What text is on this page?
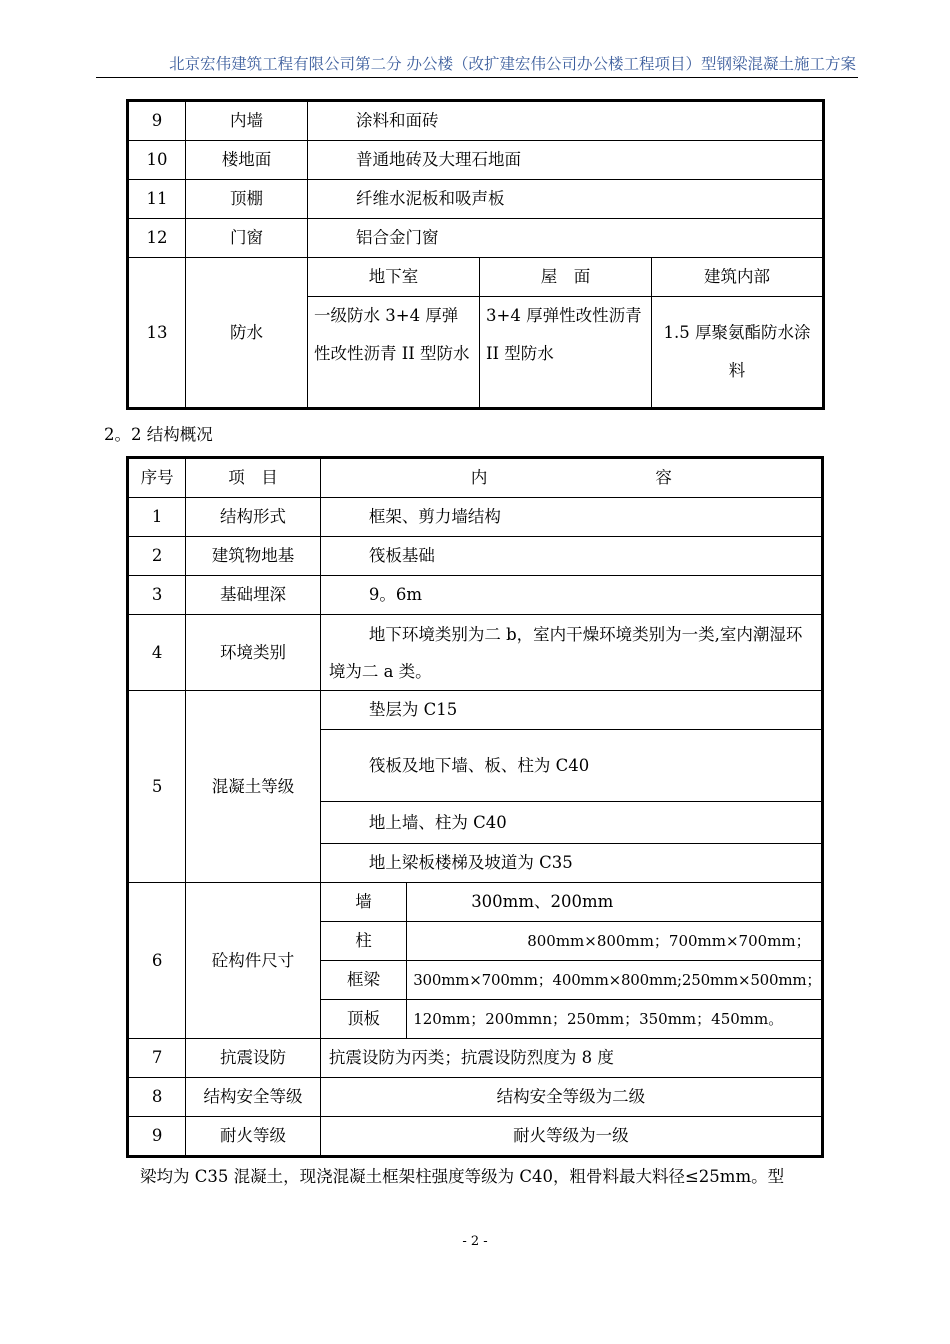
北京宏伟建筑工程有限公司第二分 办公楼（改扩建宏伟公司办公楼工程项目）型钢梁混凝土施工方案
9	内墙	涂料和面砖		
10	楼地面	普通地砖及大理石地面		
11	顶棚	纤维水泥板和吸声板		
12	门窗	铝合金门窗		
13	防水	地下室	屋　面	建筑内部
		一级防水 3+4 厚弹性改性沥青 II 型防水	3+4 厚弹性改性沥青 II 型防水	1.5 厚聚氨酯防水涂料
2。2 结构概况
序号	项　目	内 容	
1	结构形式	框架、剪力墙结构	
2	建筑物地基	筏板基础	
3	基础埋深	9。6m	
4	环境类别	地下环境类别为二 b，室内干燥环境类别为一类,室内潮湿环境为二 a 类。	
5	混凝土等级	垫层为 C15	
		筏板及地下墙、板、柱为 C40	
		地上墙、柱为 C40	
		地上梁板楼梯及坡道为 C35	
6	砼构件尺寸	墙	300mm、200mm
		柱	800mm×800mm；700mm×700mm；
		框梁	300mm×700mm；400mm×800mm;250mm×500mm；
		顶板	120mm；200mmn；250mm；350mm；450mm。
7	抗震设防	抗震设防为丙类；抗震设防烈度为 8 度	
8	结构安全等级	结构安全等级为二级	
9	耐火等级	耐火等级为一级	
梁均为 C35 混凝土，现浇混凝土框架柱强度等级为 C40，粗骨料最大料径≤25mm。型
- 2 -
